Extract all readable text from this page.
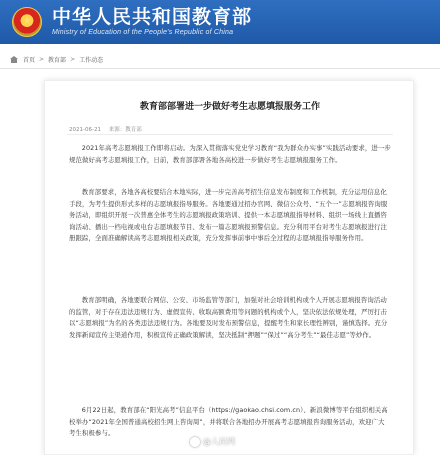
★	中华人民共和国教育部
Ministry of Education of the People's Republic of China
首页 > 教育部 > 工作动态
教育部部署进一步做好考生志愿填报服务工作
2021-06-21 来源：教育部

2021年高考志愿填报工作即将启动。为深入贯彻落实党史学习教育“我为群众办实事”实践活动要求，进一步规范做好高考志愿填报工作，日前，教育部部署各地各高校进一步做好考生志愿填报服务工作。

教育部要求，各地各高校要结合本地实际，进一步完善高考招生信息发布制度和工作机制，充分运用信息化手段，为考生提供形式多样的志愿填报指导服务。各地要通过招办官网、微信公众号、“五个一”志愿填报咨询服务活动，即组织开展一次普惠全体考生的志愿填报政策培训、提供一本志愿填报指导材料、组织一场线上直播咨询活动、播出一档电视或电台志愿填报节目、发布一篇志愿填报预警信息。充分利用平台对考生志愿填报进行注册跟踪，全面准确解读高考志愿填报相关政策，充分发挥事前事中事后全过程的志愿填报指导服务作用。

教育部明确，各地要联合网信、公安、市场监管等部门，加强对社会培训机构或个人开展志愿填报咨询活动的监管，对于存在违法违规行为、虚假宣传、收取高额费用等问题的机构或个人，坚决依法依规处理，严厉打击以“志愿填报”为名的各类违法违规行为。各地要及时发布预警信息，提醒考生和家长理性辨别，谨慎选择。充分发挥新闻宣传主渠道作用，积极宣传正确政策解读，坚决抵制“押题”“保过”“高分考生”“最佳志愿”等炒作。

6月22日起，教育部在“阳光高考”信息平台（https://gaokao.chsi.com.cn）、新浪微博等平台组织相关高校举办“2021年全国普通高校招生网上咨询周”，并将联合各地招办开展高考志愿填报咨询服务活动，欢迎广大考生积极参与。

@人民网
